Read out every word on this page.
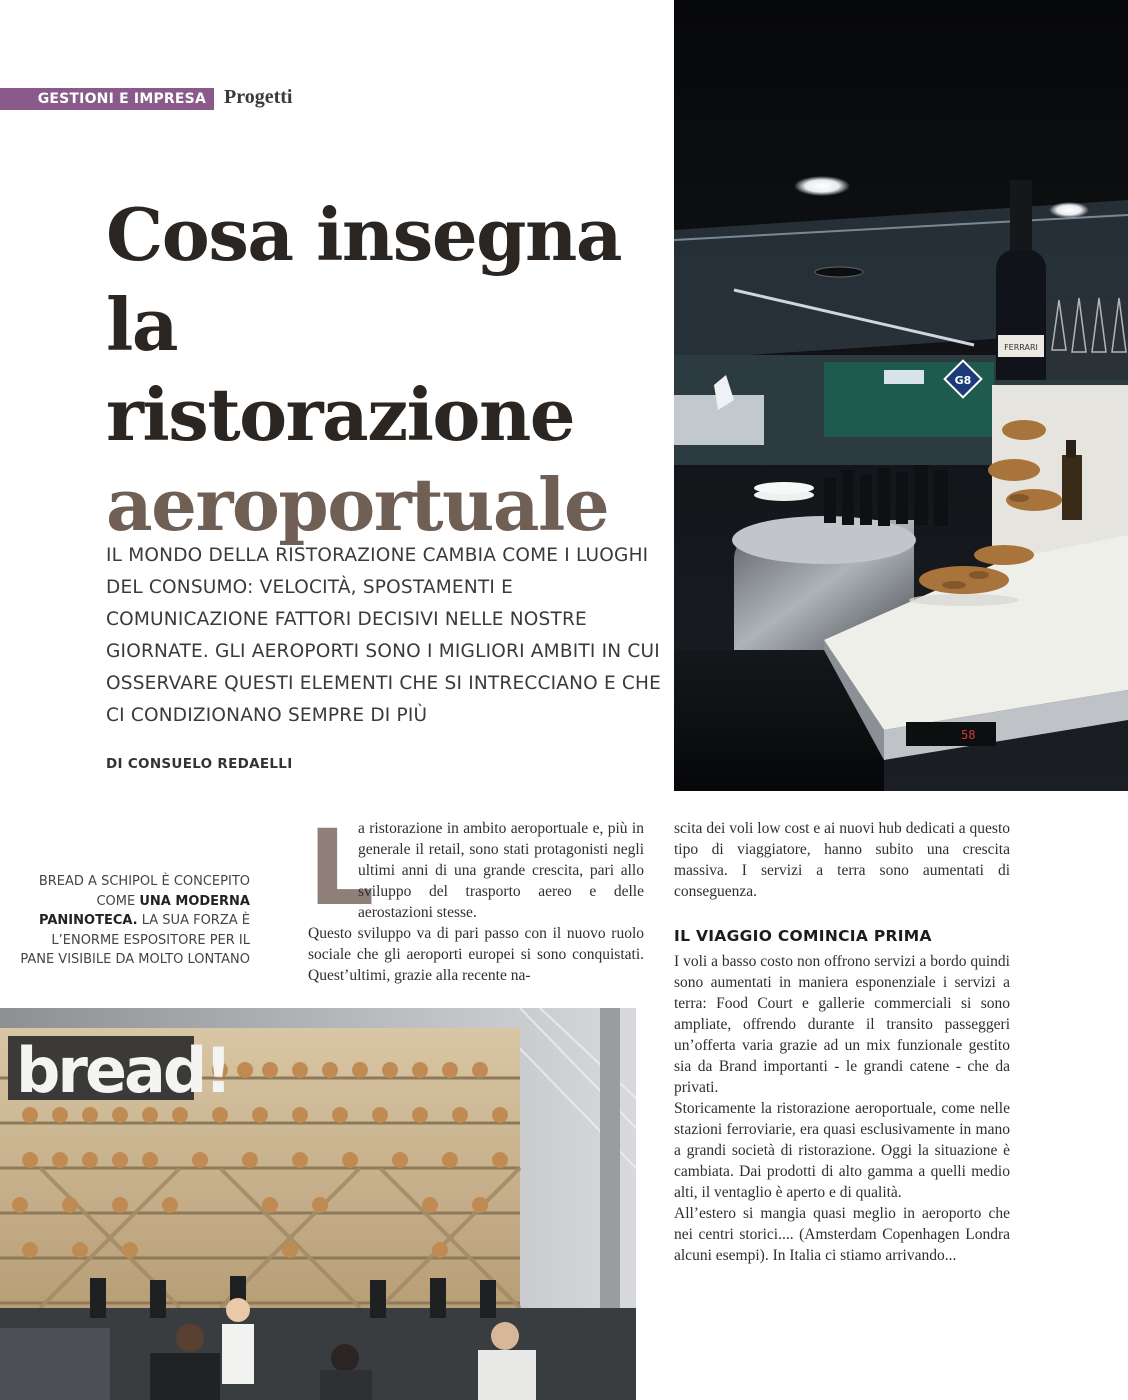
GESTIONI E IMPRESA Progetti
Cosa insegna
la ristorazione
aeroportuale

IL MONDO DELLA RISTORAZIONE CAMBIA COME I LUOGHI DEL CONSUMO: VELOCITÀ, SPOSTAMENTI E COMUNICAZIONE FATTORI DECISIVI NELLE NOSTRE GIORNATE. GLI AEROPORTI SONO I MIGLIORI AMBITI IN CUI OSSERVARE QUESTI ELEMENTI CHE SI INTRECCIANO E CHE CI CONDIZIONANO SEMPRE DI PIÙ

DI CONSUELO REDAELLI
G8
FERRARI
58

BREAD A SCHIPOL È CONCEPITO COME UNA MODERNA PANINOTECA. LA SUA FORZA È L’ENORME ESPOSITORE PER IL PANE VISIBILE DA MOLTO LONTANO

L

a ristorazione in ambito aeroportuale e, più in generale il retail, sono stati protagonisti negli ultimi anni di una grande crescita, pari allo sviluppo del trasporto aereo e delle aerostazioni stesse.

Questo sviluppo va di pari passo con il nuovo ruolo sociale che gli aeroporti europei si sono conquistati. Quest’ultimi, grazie alla recente na-

scita dei voli low cost e ai nuovi hub dedicati a questo tipo di viaggiatore, hanno subito una crescita massiva. I servizi a terra sono aumentati di conseguenza.

IL VIAGGIO COMINCIA PRIMA

I voli a basso costo non offrono servizi a bordo quindi sono aumentati in maniera esponenziale i servizi a terra: Food Court e gallerie commerciali si sono ampliate, offrendo durante il transito passeggeri un’offerta varia grazie ad un mix funzionale gestito sia da Brand importanti - le grandi catene - che da privati.

Storicamente la ristorazione aeroportuale, come nelle stazioni ferroviarie, era quasi esclusivamente in mano a grandi società di ristorazione. Oggi la situazione è cambiata. Dai prodotti di alto gamma a quelli medio alti, il ventaglio è aperto e di qualità.

All’estero si mangia quasi meglio in aeroporto che nei centri storici.... (Amsterdam Copenhagen Londra alcuni esempi). In Italia ci stiamo arrivando...

bread!
